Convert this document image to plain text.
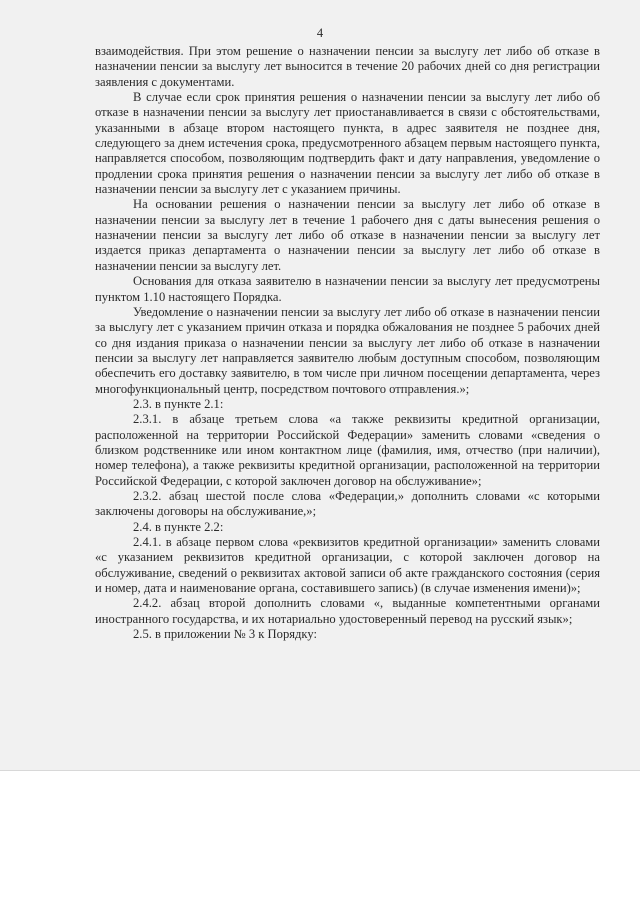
4

взаимодействия. При этом решение о назначении пенсии за выслугу лет либо об отказе в назначении пенсии за выслугу лет выносится в течение 20 рабочих дней со дня регистрации заявления с документами.

В случае если срок принятия решения о назначении пенсии за выслугу лет либо об отказе в назначении пенсии за выслугу лет приостанавливается в связи с обстоятельствами, указанными в абзаце втором настоящего пункта, в адрес заявителя не позднее дня, следующего за днем истечения срока, предусмотренного абзацем первым настоящего пункта, направляется способом, позволяющим подтвердить факт и дату направления, уведомление о продлении срока принятия решения о назначении пенсии за выслугу лет либо об отказе в назначении пенсии за выслугу лет с указанием причины.

На основании решения о назначении пенсии за выслугу лет либо об отказе в назначении пенсии за выслугу лет в течение 1 рабочего дня с даты вынесения решения о назначении пенсии за выслугу лет либо об отказе в назначении пенсии за выслугу лет издается приказ департамента о назначении пенсии за выслугу лет либо об отказе в назначении пенсии за выслугу лет.

Основания для отказа заявителю в назначении пенсии за выслугу лет предусмотрены пунктом 1.10 настоящего Порядка.

Уведомление о назначении пенсии за выслугу лет либо об отказе в назначении пенсии за выслугу лет с указанием причин отказа и порядка обжалования не позднее 5 рабочих дней со дня издания приказа о назначении пенсии за выслугу лет либо об отказе в назначении пенсии за выслугу лет направляется заявителю любым доступным способом, позволяющим обеспечить его доставку заявителю, в том числе при личном посещении департамента, через многофункциональный центр, посредством почтового отправления.»;

2.3. в пункте 2.1:

2.3.1. в абзаце третьем слова «а также реквизиты кредитной организации, расположенной на территории Российской Федерации» заменить словами «сведения о близком родственнике или ином контактном лице (фамилия, имя, отчество (при наличии), номер телефона), а также реквизиты кредитной организации, расположенной на территории Российской Федерации, с которой заключен договор на обслуживание»;

2.3.2. абзац шестой после слова «Федерации,» дополнить словами «с которыми заключены договоры на обслуживание,»;

2.4. в пункте 2.2:

2.4.1. в абзаце первом слова «реквизитов кредитной организации» заменить словами «с указанием реквизитов кредитной организации, с которой заключен договор на обслуживание, сведений о реквизитах актовой записи об акте гражданского состояния (серия и номер, дата и наименование органа, составившего запись) (в случае изменения имени)»;

2.4.2. абзац второй дополнить словами «, выданные компетентными органами иностранного государства, и их нотариально удостоверенный перевод на русский язык»;

2.5. в приложении № 3 к Порядку:
